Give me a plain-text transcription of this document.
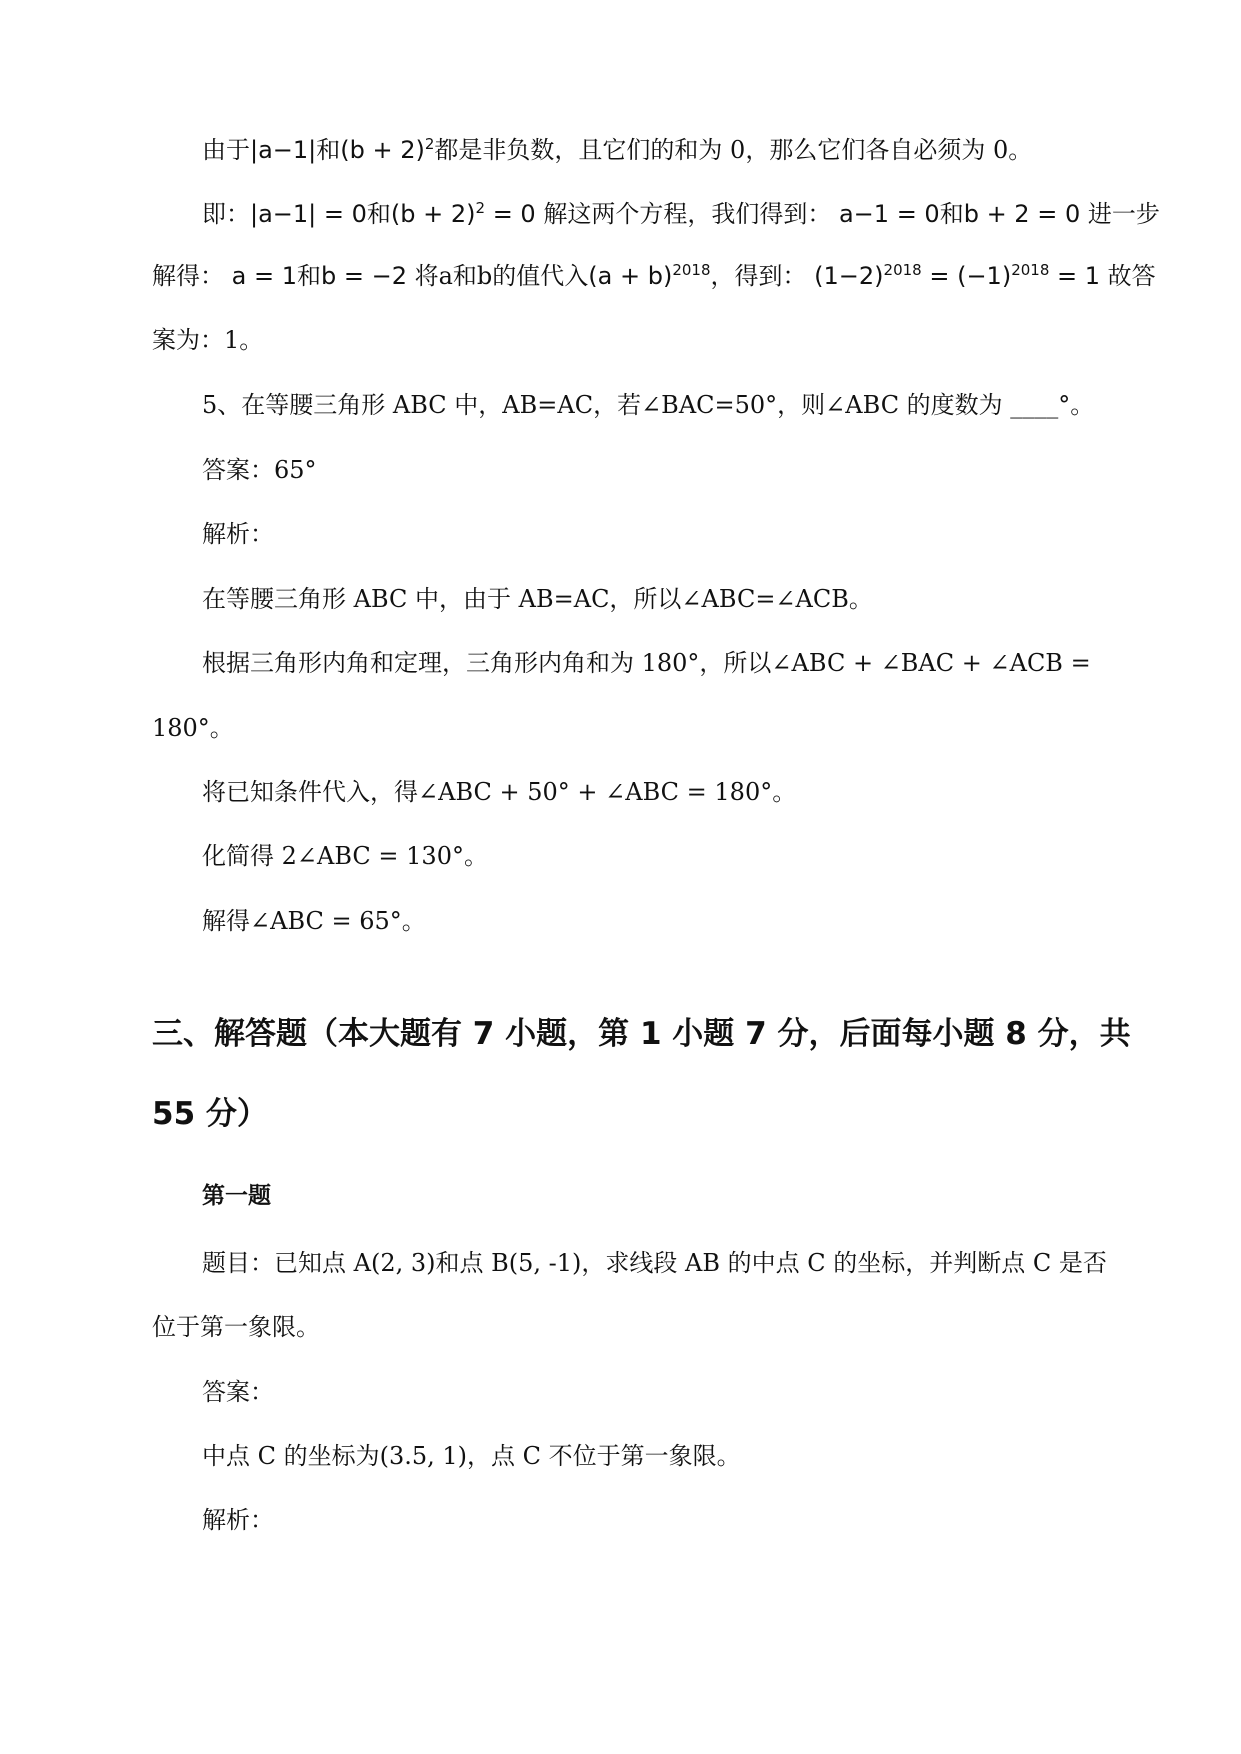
由于|a−1|和$(b + 2)^2$都是非负数，且它们的和为 0，那么它们各自必须为 0。
即：|a−1| = 0和$(b + 2)^2 = 0$ 解这两个方程，我们得到： a−1 = 0和b + 2 = 0 进一步
解得： a = 1和b = −2 将a和b的值代入$(a + b)^{2018}$，得到： $(1-2)^{2018} = (-1)^{2018} = 1$ 故答
案为：1。
5、在等腰三角形 ABC 中，AB=AC，若∠BAC=50°，则∠ABC 的度数为 ____°。
答案：65°
解析：
在等腰三角形 ABC 中，由于 AB=AC，所以∠ABC=∠ACB。
根据三角形内角和定理，三角形内角和为 180°，所以∠ABC + ∠BAC + ∠ACB =
180°。
将已知条件代入，得∠ABC + 50° + ∠ABC = 180°。
化简得 2∠ABC = 130°。
解得∠ABC = 65°。
三、解答题（本大题有 7 小题，第 1 小题 7 分，后面每小题 8 分，共
55 分）
第一题
题目：已知点 A(2, 3)和点 B(5, -1)，求线段 AB 的中点 C 的坐标，并判断点 C 是否
位于第一象限。
答案：
中点 C 的坐标为(3.5, 1)，点 C 不位于第一象限。
解析：
